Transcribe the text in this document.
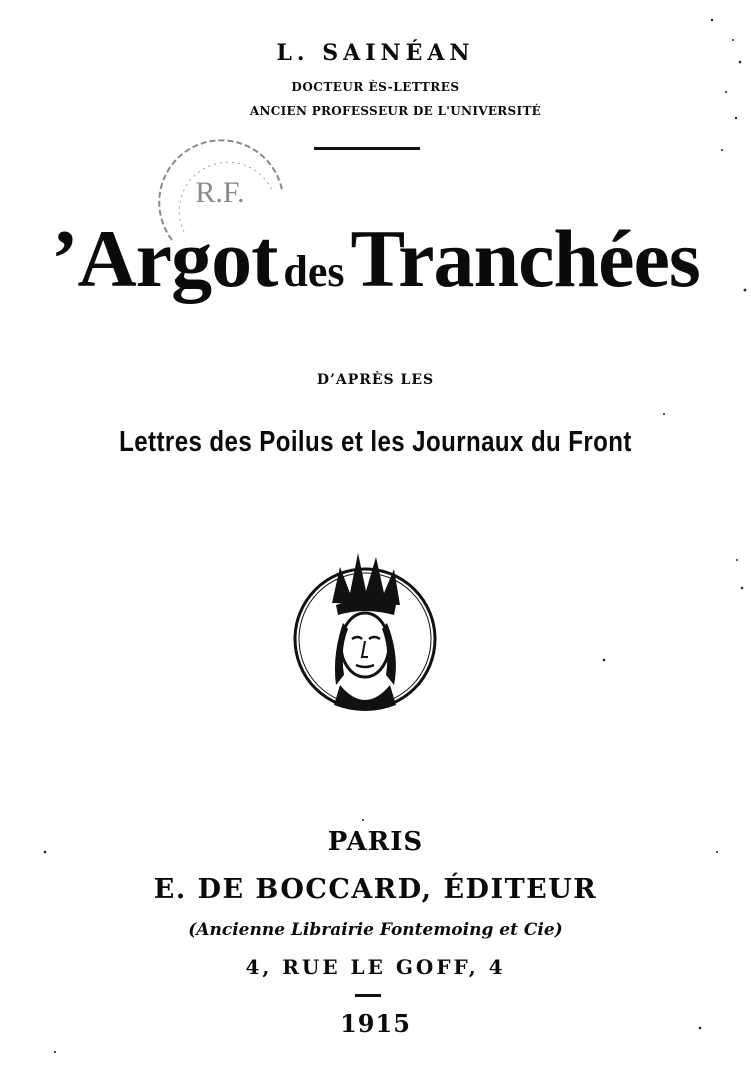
R.F.
L. SAINÉAN
DOCTEUR ÈS-LETTRES
ANCIEN PROFESSEUR DE L'UNIVERSITÉ
’Argot desTranchées
D’APRÈS LES
Lettres des Poilus et les Journaux du Front
PARIS
E. DE BOCCARD, ÉDITEUR
(Ancienne Librairie Fontemoing et Cie)
4, RUE LE GOFF, 4
1915
